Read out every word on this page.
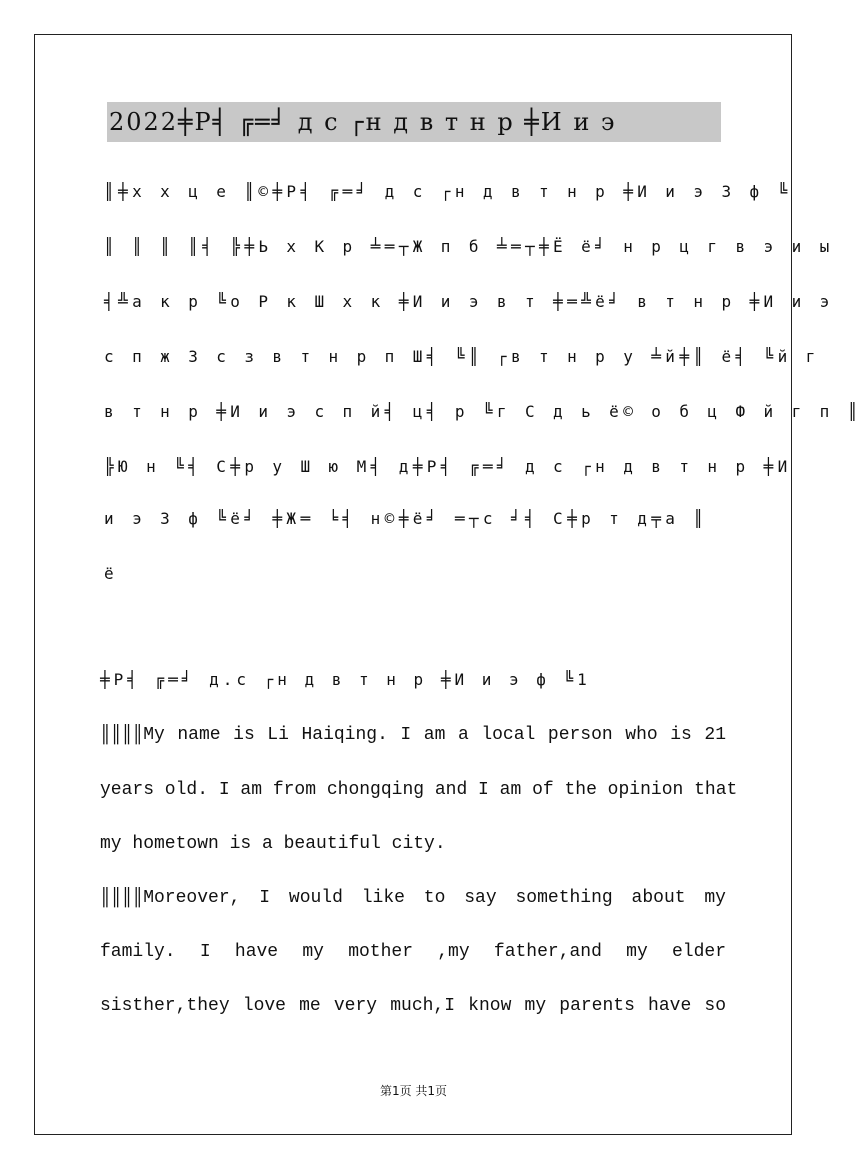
2022╪Р╡ ╔═╛ д с ┌н д в т н р ╪И и э
║╪х х ц е ║©╪Р╡ ╔═╛ д с ┌н д в т н р ╪И и э 3 ф ╚
║ ║ ║ ║╡ ╠╪Ь х К р ╧═┬Ж п б ╧═┬╪Ё ё╛ н р ц г в э и ы
╡╩а к р ╚о Р к Ш х к ╪И и э в т ╪═╩ё╛ в т н р ╪И и э
с п ж 3 с з в т н р п Ш╡ ╚║ ┌в т н р у ╧й╪║ ё╡ ╚й г
в т н р ╪И и э с п й╡ ц╡ р ╚г С д ь ё© о б ц Ф й г п ║
╠Ю н ╚╡ С╪р у Ш ю М╡ д╪Р╡ ╔═╛ д с ┌н д в т н р ╪И
и э 3 ф ╚ё╛ ╪Ж═ ╘╡ н©╪ё╛ ═┬с ╛╡ С╪р т д╤а ║
ё
╪Р╡ ╔═╛ д.с ┌н д в т н р ╪И и э ф ╚1
║║║║My name is Li Haiqing. I am a local person who is 21
years old. I am from chongqing and I am of the opinion that
my hometown is a beautiful city.
║║║║Moreover, I would like to say something about my
family. I have my mother ,my father,and my elder
sisther,they love me very much,I know my parents have so
第1页 共1页
